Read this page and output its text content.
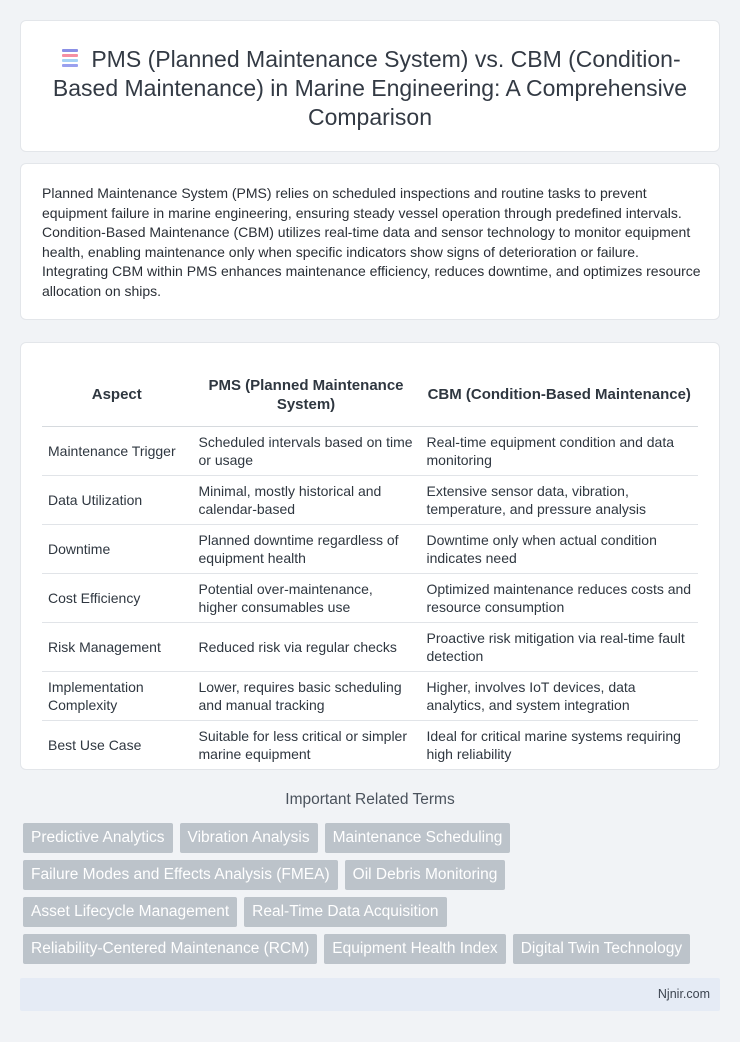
PMS (Planned Maintenance System) vs. CBM (Condition-Based Maintenance) in Marine Engineering: A Comprehensive Comparison

Planned Maintenance System (PMS) relies on scheduled inspections and routine tasks to prevent equipment failure in marine engineering, ensuring steady vessel operation through predefined intervals. Condition-Based Maintenance (CBM) utilizes real-time data and sensor technology to monitor equipment health, enabling maintenance only when specific indicators show signs of deterioration or failure. Integrating CBM within PMS enhances maintenance efficiency, reduces downtime, and optimizes resource allocation on ships.

Aspect	PMS (Planned Maintenance System)	CBM (Condition-Based Maintenance)
Maintenance Trigger	Scheduled intervals based on time or usage	Real-time equipment condition and data monitoring
Data Utilization	Minimal, mostly historical and calendar-based	Extensive sensor data, vibration, temperature, and pressure analysis
Downtime	Planned downtime regardless of equipment health	Downtime only when actual condition indicates need
Cost Efficiency	Potential over-maintenance, higher consumables use	Optimized maintenance reduces costs and resource consumption
Risk Management	Reduced risk via regular checks	Proactive risk mitigation via real-time fault detection
Implementation Complexity	Lower, requires basic scheduling and manual tracking	Higher, involves IoT devices, data analytics, and system integration
Best Use Case	Suitable for less critical or simpler marine equipment	Ideal for critical marine systems requiring high reliability
Important Related Terms
Predictive Analytics	Vibration Analysis	Maintenance Scheduling
Failure Modes and Effects Analysis (FMEA)	Oil Debris Monitoring
Asset Lifecycle Management	Real-Time Data Acquisition
Reliability-Centered Maintenance (RCM)	Equipment Health Index	Digital Twin Technology
Njnir.com
